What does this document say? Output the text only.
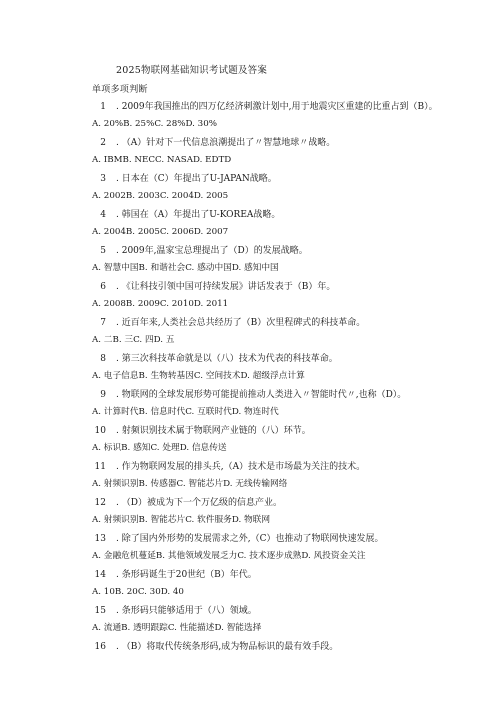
2025物联网基础知识考试题及答案
单项多项判断

1 . 2009年我国推出的四万亿经济刺激计划中,用于地震灾区重建的比重占到（B）。

A. 20%B. 25%C. 28%D. 30%

2 . （A）针对下一代信息浪潮提出了〃智慧地球〃战略。

A. IBMB. NECC. NASAD. EDTD

3 . 日本在（C）年提出了U-JAPAN战略。

A. 2002B. 2003C. 2004D. 2005

4 . 韩国在（A）年提出了U-KOREA战略。

A. 2004B. 2005C. 2006D. 2007

5 . 2009年,温家宝总理提出了（D）的发展战略。

A. 智慧中国B. 和谐社会C. 感动中国D. 感知中国

6 . 《让科技引领中国可持续发展》讲话发表于（B）年。

A. 2008B. 2009C. 2010D. 2011

7 . 近百年来,人类社会总共经历了（B）次里程碑式的科技革命。

A. 二B. 三C. 四D. 五

8 . 第三次科技革命就是以（八）技术为代表的科技革命。

A. 电子信息B. 生物转基因C. 空间技术D. 超级浮点计算

9 . 物联网的全球发展形势可能提前推动人类进入〃智能时代〃,也称（D）。

A. 计算时代B. 信息时代C. 互联时代D. 物连时代

10 . 射频识别技术属于物联网产业链的（八）环节。

A. 标识B. 感知C. 处理D. 信息传送

11 . 作为物联网发展的排头兵,（A）技术是市场最为关注的技术。

A. 射频识别B. 传感器C. 智能芯片D. 无线传输网络

12 . （D）被成为下一个万亿级的信息产业。

A. 射频识别B. 智能芯片C. 软件服务D. 物联网

13 . 除了国内外形势的发展需求之外,（C）也推动了物联网快速发展。

A. 金融危机蔓延B. 其他领域发展乏力C. 技术逐步成熟D. 风投资金关注

14 . 条形码诞生于20世纪（B）年代。

A. 10B. 20C. 30D. 40

15 . 条形码只能够适用于（八）领域。

A. 流通B. 透明跟踪C. 性能描述D. 智能选择

16 . （B）将取代传统条形码,成为物品标识的最有效手段。
